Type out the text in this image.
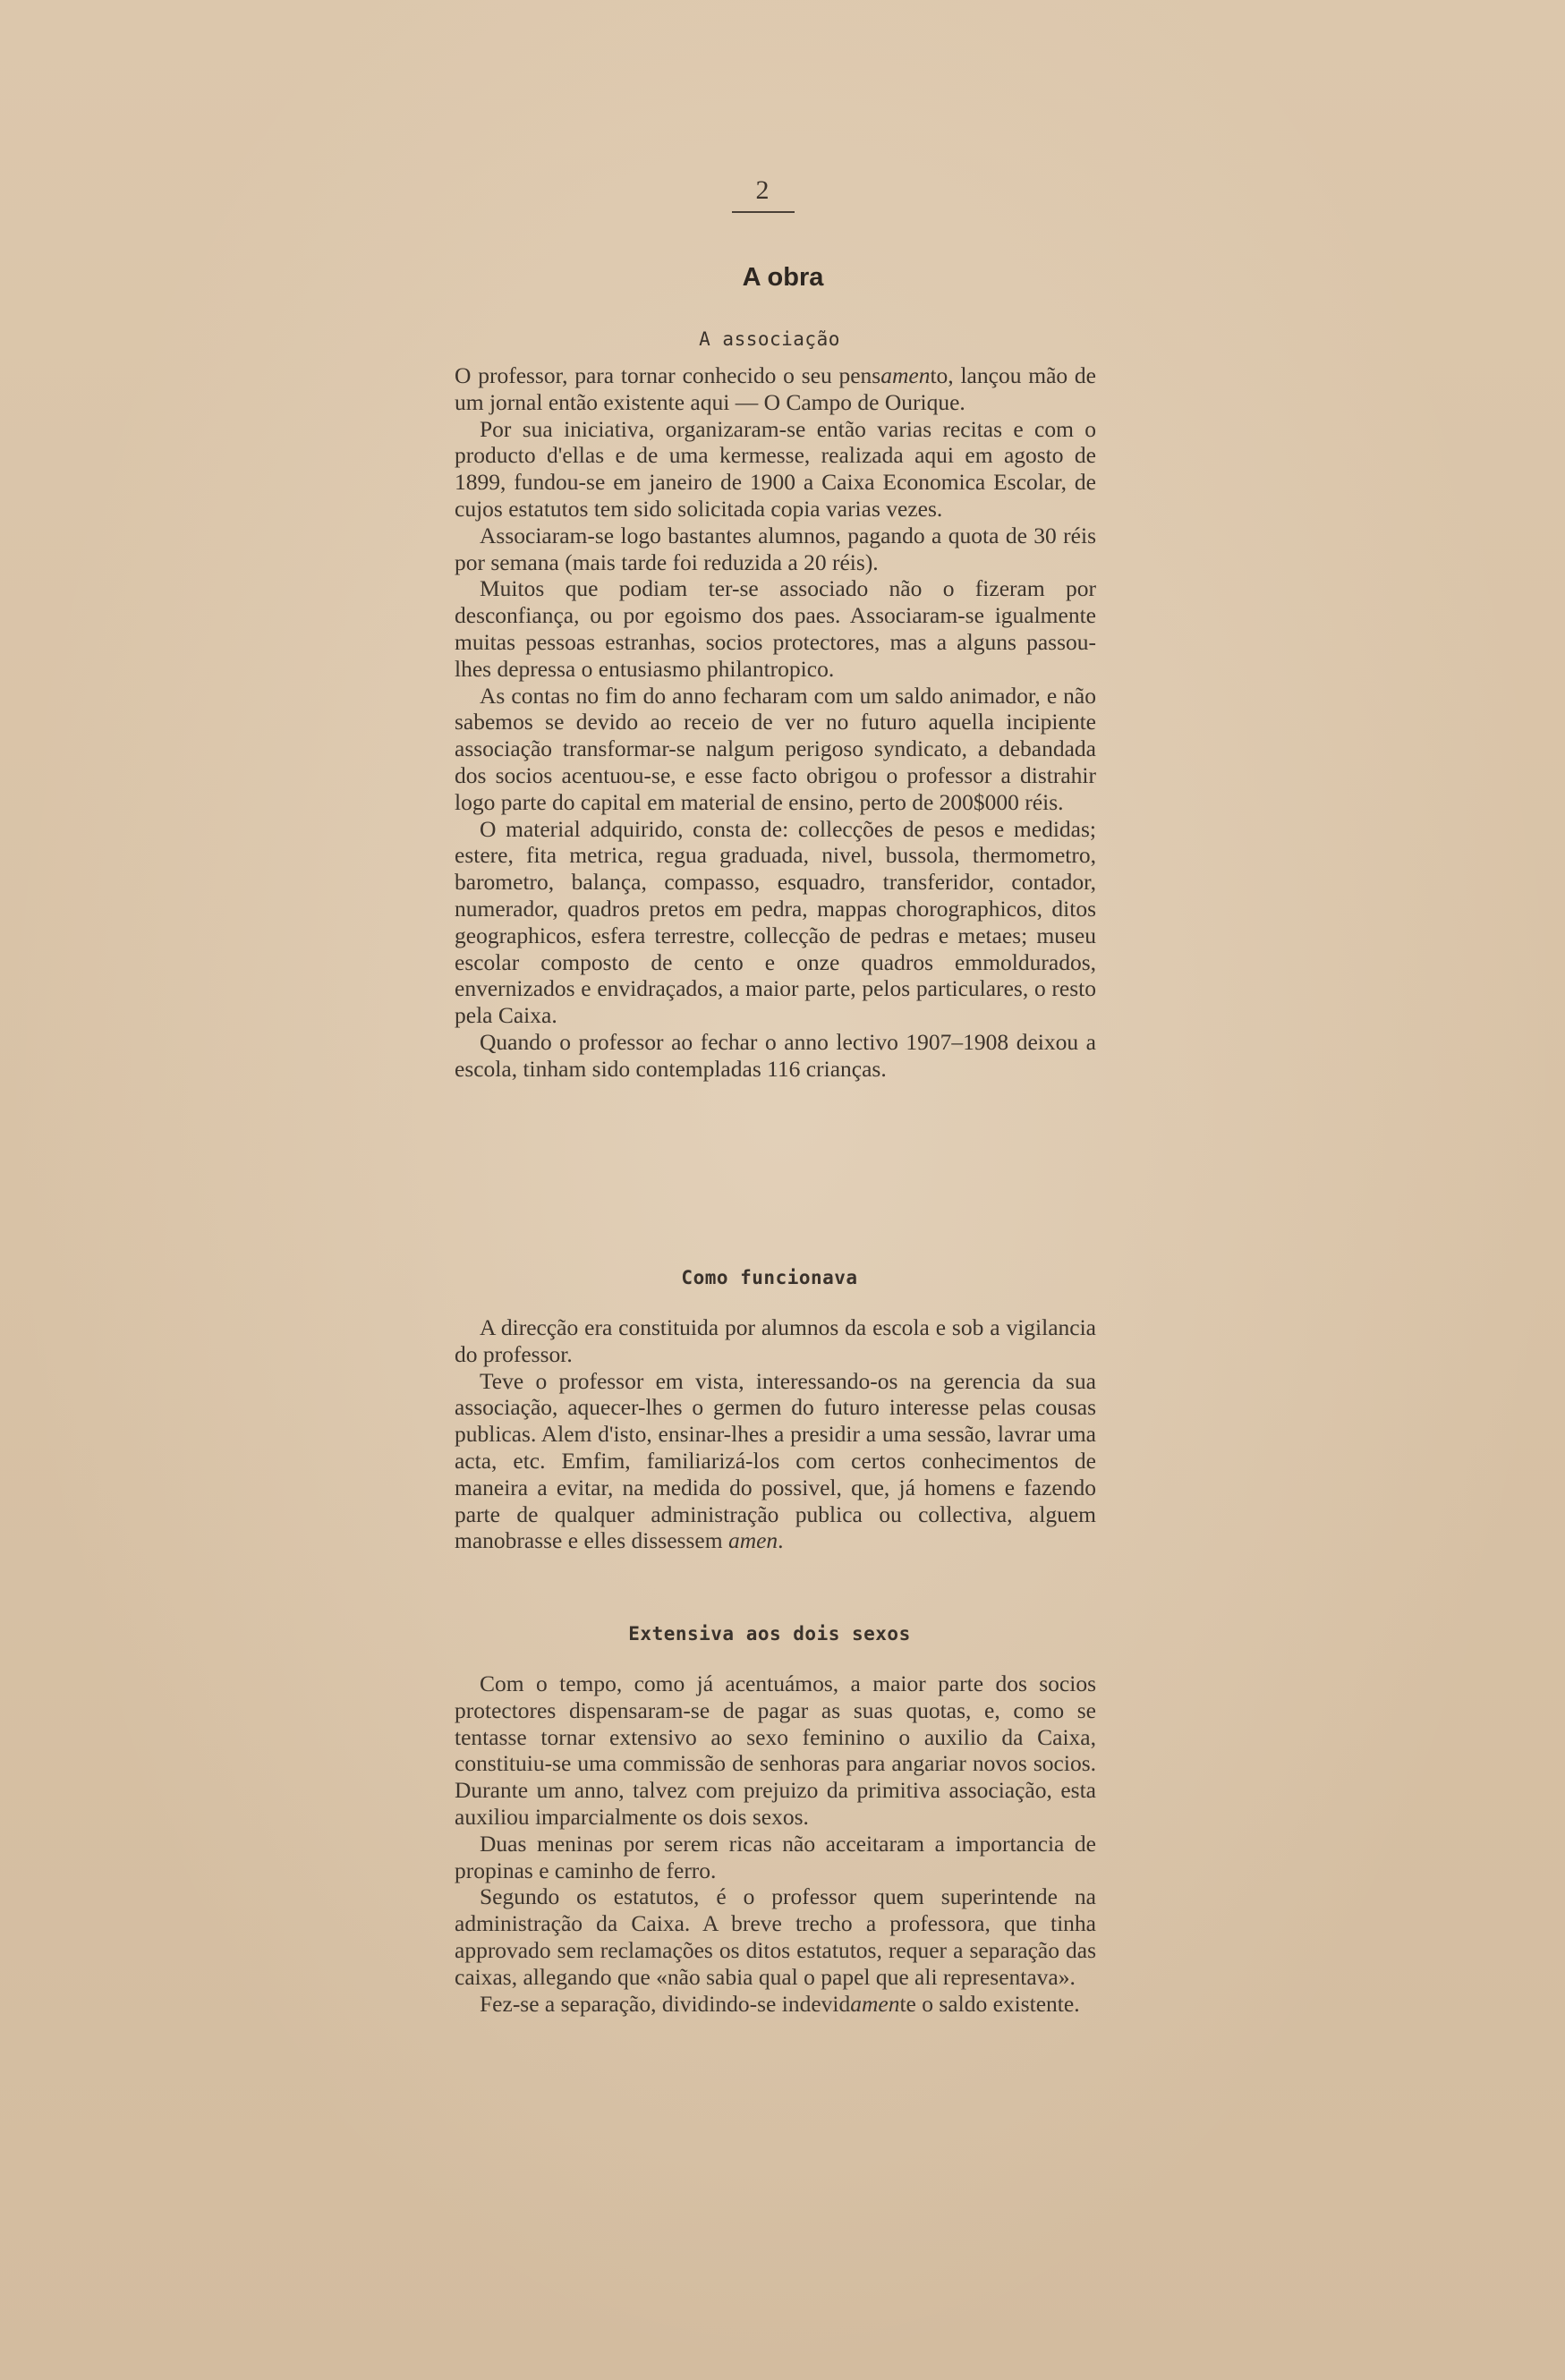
2
A obra
A associação

O professor, para tornar conhecido o seu pensamento, lançou mão de um jornal então existente aqui — O Campo de Ourique.

Por sua iniciativa, organizaram-se então varias recitas e com o producto d'ellas e de uma kermesse, realizada aqui em agosto de 1899, fundou-se em janeiro de 1900 a Caixa Economica Escolar, de cujos estatutos tem sido solicitada copia varias vezes.

Associaram-se logo bastantes alumnos, pagando a quota de 30 réis por semana (mais tarde foi reduzida a 20 réis).

Muitos que podiam ter-se associado não o fizeram por desconfiança, ou por egoismo dos paes. Associaram-se igualmente muitas pessoas estranhas, socios protectores, mas a alguns passou-lhes depressa o entusiasmo philantropico.

As contas no fim do anno fecharam com um saldo animador, e não sabemos se devido ao receio de ver no futuro aquella incipiente associação transformar-se nalgum perigoso syndicato, a debandada dos socios acentuou-se, e esse facto obrigou o professor a distrahir logo parte do capital em material de ensino, perto de 200$000 réis.

O material adquirido, consta de: collecções de pesos e medidas; estere, fita metrica, regua graduada, nivel, bussola, thermometro, barometro, balança, compasso, esquadro, transferidor, contador, numerador, quadros pretos em pedra, mappas chorographicos, ditos geographicos, esfera terrestre, collecção de pedras e metaes; museu escolar composto de cento e onze quadros emmoldurados, envernizados e envidraçados, a maior parte, pelos particulares, o resto pela Caixa.

Quando o professor ao fechar o anno lectivo 1907–1908 deixou a escola, tinham sido contempladas 116 crianças.

Como funcionava

A direcção era constituida por alumnos da escola e sob a vigilancia do professor.

Teve o professor em vista, interessando-os na gerencia da sua associação, aquecer-lhes o germen do futuro interesse pelas cousas publicas. Alem d'isto, ensinar-lhes a presidir a uma sessão, lavrar uma acta, etc. Emfim, familiarizá-los com certos conhecimentos de maneira a evitar, na medida do possivel, que, já homens e fazendo parte de qualquer administração publica ou collectiva, alguem manobrasse e elles dissessem amen.

Extensiva aos dois sexos

Com o tempo, como já acentuámos, a maior parte dos socios protectores dispensaram-se de pagar as suas quotas, e, como se tentasse tornar extensivo ao sexo feminino o auxilio da Caixa, constituiu-se uma commissão de senhoras para angariar novos socios. Durante um anno, talvez com prejuizo da primitiva associação, esta auxiliou imparcialmente os dois sexos.

Duas meninas por serem ricas não acceitaram a importancia de propinas e caminho de ferro.

Segundo os estatutos, é o professor quem superintende na administração da Caixa. A breve trecho a professora, que tinha approvado sem reclamações os ditos estatutos, requer a separação das caixas, allegando que «não sabia qual o papel que ali representava».

Fez-se a separação, dividindo-se indevidamente o saldo existente.
